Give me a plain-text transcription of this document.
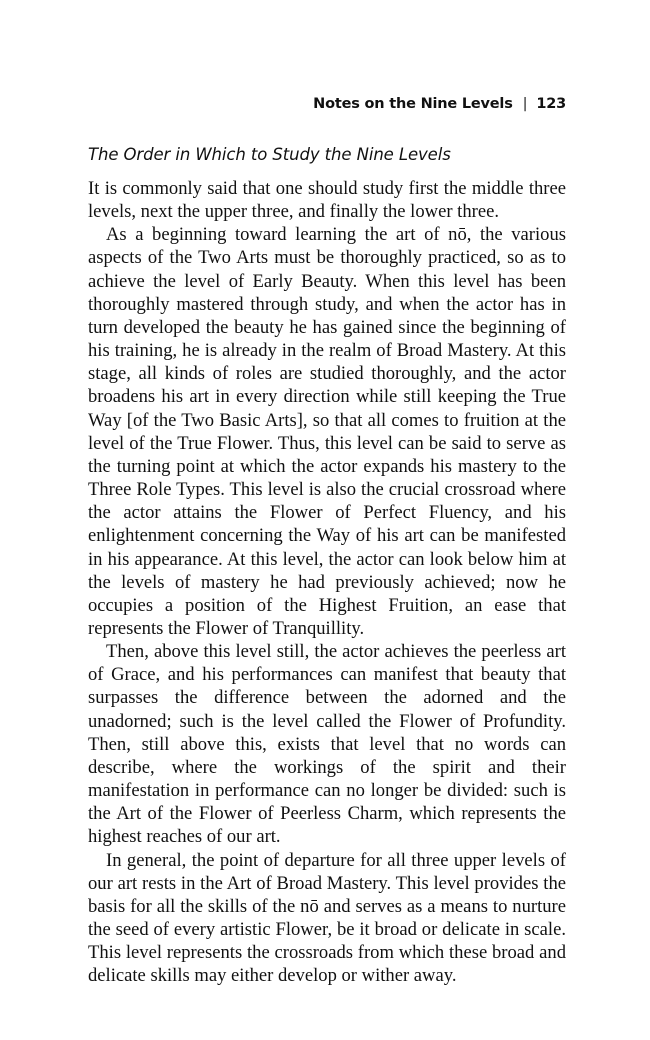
Notes on the Nine Levels | 123
The Order in Which to Study the Nine Levels

It is commonly said that one should study first the middle three levels, next the upper three, and finally the lower three.

As a beginning toward learning the art of nō, the various aspects of the Two Arts must be thoroughly practiced, so as to achieve the level of Early Beauty. When this level has been thoroughly mastered through study, and when the actor has in turn developed the beauty he has gained since the beginning of his training, he is already in the realm of Broad Mastery. At this stage, all kinds of roles are studied thoroughly, and the actor broadens his art in every direction while still keeping the True Way [of the Two Basic Arts], so that all comes to fruition at the level of the True Flower. Thus, this level can be said to serve as the turning point at which the actor expands his mastery to the Three Role Types. This level is also the crucial crossroad where the actor attains the Flower of Perfect Fluency, and his enlightenment concerning the Way of his art can be manifested in his appearance. At this level, the actor can look below him at the levels of mastery he had previously achieved; now he occupies a position of the Highest Fruition, an ease that represents the Flower of Tranquillity.

Then, above this level still, the actor achieves the peerless art of Grace, and his performances can manifest that beauty that surpasses the difference between the adorned and the unadorned; such is the level called the Flower of Profundity. Then, still above this, exists that level that no words can describe, where the workings of the spirit and their manifestation in performance can no longer be divided: such is the Art of the Flower of Peerless Charm, which represents the highest reaches of our art.

In general, the point of departure for all three upper levels of our art rests in the Art of Broad Mastery. This level provides the basis for all the skills of the nō and serves as a means to nurture the seed of every artistic Flower, be it broad or delicate in scale. This level represents the crossroads from which these broad and delicate skills may either develop or wither away.
